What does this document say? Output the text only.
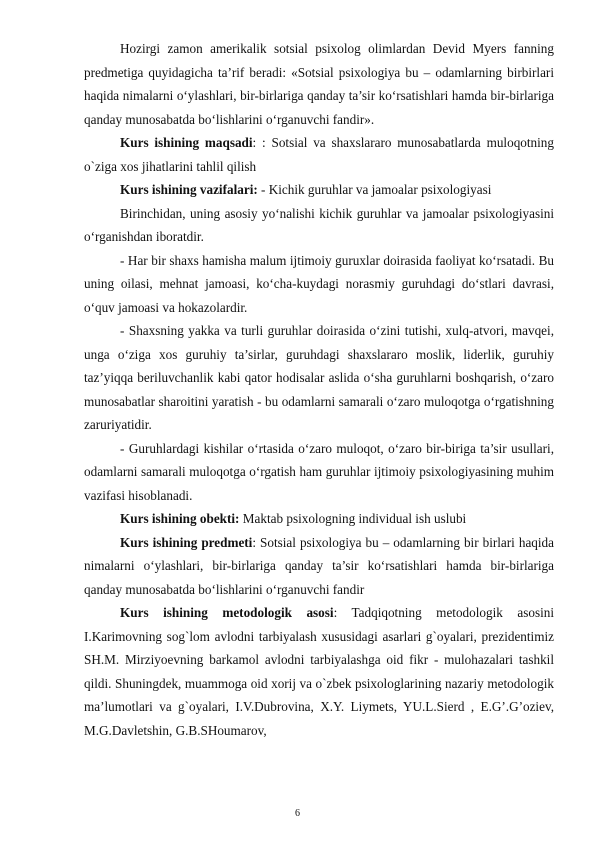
Hozirgi zamon amerikalik sotsial psixolog olimlardan Devid Myers fanning predmetiga quyidagicha ta’rif beradi: «Sotsial psixologiya bu – odamlarning birbirlari haqida nimalarni o‘ylashlari, bir-birlariga qanday ta’sir ko‘rsatishlari hamda bir-birlariga qanday munosabatda bo‘lishlarini o‘rganuvchi fandir».

Kurs ishining maqsadi: : Sotsial va shaxslararo munosabatlarda muloqotning o`ziga xos jihatlarini tahlil qilish

Kurs ishining vazifalari: - Kichik guruhlar va jamoalar psixologiyasi

Birinchidan, uning asosiy yo‘nalishi kichik guruhlar va jamoalar psixologiyasini o‘rganishdan iboratdir.

- Har bir shaxs hamisha malum ijtimoiy guruxlar doirasida faoliyat ko‘rsatadi. Bu uning oilasi, mehnat jamoasi, ko‘cha-kuydagi norasmiy guruhdagi do‘stlari davrasi, o‘quv jamoasi va hokazolardir.

- Shaxsning yakka va turli guruhlar doirasida o‘zini tutishi, xulq-atvori, mavqei, unga o‘ziga xos guruhiy ta’sirlar, guruhdagi shaxslararo moslik, liderlik, guruhiy taz’yiqqa beriluvchanlik kabi qator hodisalar aslida o‘sha guruhlarni boshqarish, o‘zaro munosabatlar sharoitini yaratish - bu odamlarni samarali o‘zaro muloqotga o‘rgatishning zaruriyatidir.

- Guruhlardagi kishilar o‘rtasida o‘zaro muloqot, o‘zaro bir-biriga ta’sir usullari, odamlarni samarali muloqotga o‘rgatish ham guruhlar ijtimoiy psixologiyasining muhim vazifasi hisoblanadi.

Kurs ishining obekti: Maktab psixologning individual ish uslubi

Kurs ishining predmeti: Sotsial psixologiya bu – odamlarning bir birlari haqida nimalarni o‘ylashlari, bir-birlariga qanday ta’sir ko‘rsatishlari hamda bir-birlariga qanday munosabatda bo‘lishlarini o‘rganuvchi fandir

Kurs ishining metodologik asosi: Tadqiqotning metodologik asosini I.Karimovning sog`lom avlodni tarbiyalash xususidagi asarlari g`oyalari, prezidentimiz SH.M. Mirziyoevning barkamol avlodni tarbiyalashga oid fikr - mulohazalari tashkil qildi. Shuningdek, muammoga oid xorij va o`zbek psixologlarining nazariy metodologik ma’lumotlari va g`oyalari, I.V.Dubrovina, X.Y. Liymets, YU.L.Sierd , E.G’.G’oziev, M.G.Davletshin, G.B.SHoumarov,

6
